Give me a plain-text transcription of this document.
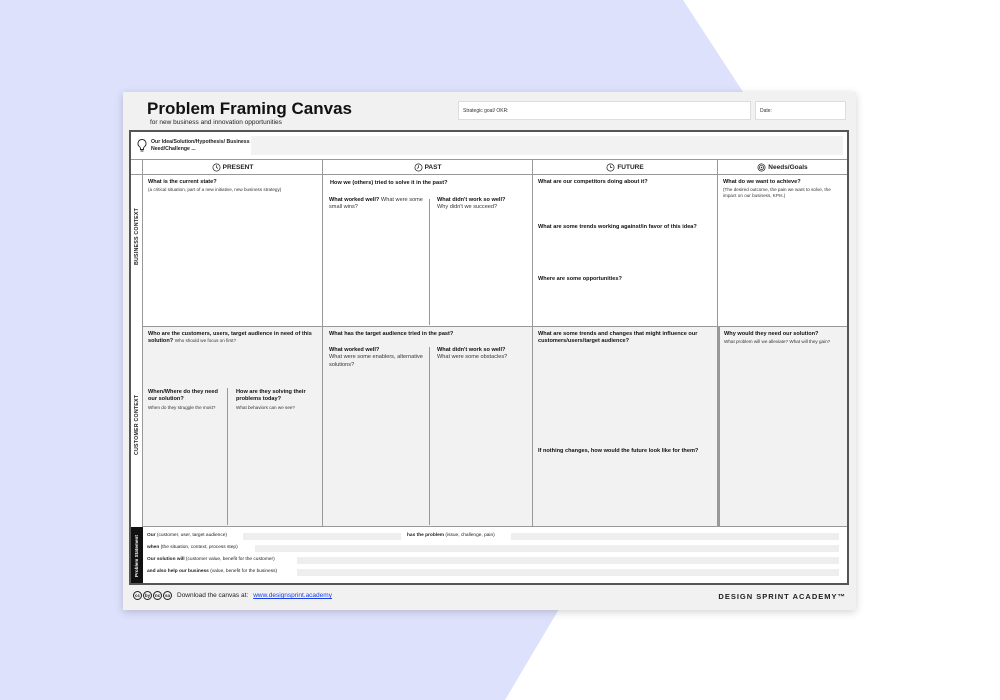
Problem Framing Canvas
for new business and innovation opportunities
Strategic goal/ OKR:	Date:
Our Idea/Solution/Hypothesis/ Business Need/Challenge ...
PRESENT	PAST	FUTURE	Needs/Goals
BUSINESS CONTEXT
CUSTOMER CONTEXT
What is the current state?
(a critical situation, part of a new initiative, new business strategy)
How we (others) tried to solve it in the past?
What worked well? What were some small wins?
What didn't work so well?
Why didn't we succeed?
What are our competitors doing about it?
What are some trends working against/in favor of this idea?
Where are some opportunities?
What do we want to achieve?
(The desired outcome, the pain we want to solve, the impact on our business, KPIs.)
Who are the customers, users, target audience in need of this solution? Who should we focus on first?
When/Where do they need our solution?
When do they struggle the most?
How are they solving their problems today?
What behaviors can we see?
What has the target audience tried in the past?
What worked well?
What were some enablers, alternative solutions?
What didn't work so well?
What were some obstacles?
What are some trends and changes that might influence our customers/users/target audience?
If nothing changes, how would the future look like for them?
Why would they need our solution?
What problem will we alleviate? What will they gain?
Problem Statement Our (customer, user, target audience)	has the problem (issue, challenge, pain)
when (the situation, context, process step)
Our solution will (customer value, benefit for the customer)
and also help our business (value, benefit for the business)
cc	by	nc	sa	Download the canvas at: www.designsprint.academy	DESIGN SPRINT ACADEMY™
